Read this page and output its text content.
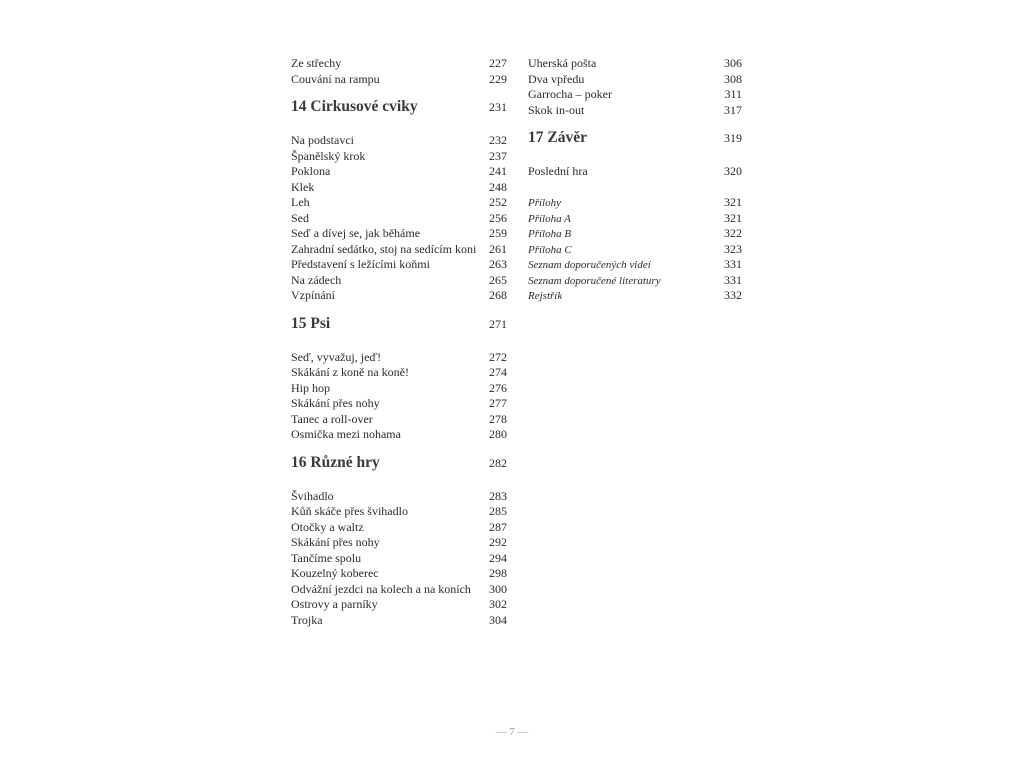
Ze střechy	227
Couvání na rampu	229
14 Cirkusové cviky	231
Na podstavci	232
Španělský krok	237
Poklona	241
Klek	248
Leh	252
Sed	256
Seď a dívej se, jak běháme	259
Zahradní sedátko, stoj na sedícím koni	261
Představení s ležícími koňmi	263
Na zádech	265
Vzpínání	268
15 Psi	271
Seď, vyvažuj, jeď!	272
Skákání z koně na koně!	274
Hip hop	276
Skákání přes nohy	277
Tanec a roll-over	278
Osmička mezi nohama	280
16 Různé hry	282
Švihadlo	283
Kůň skáče přes švihadlo	285
Otočky a waltz	287
Skákání přes nohy	292
Tančíme spolu	294
Kouzelný koberec	298
Odvážní jezdci na kolech a na koních	300
Ostrovy a parníky	302
Trojka	304
Uherská pošta	306
Dva vpředu	308
Garrocha – poker	311
Skok in-out	317
17 Závěr	319
Poslední hra	320
Přílohy	321
Příloha A	321
Příloha B	322
Příloha C	323
Seznam doporučených videí	331
Seznam doporučené literatury	331
Rejstřík	332
— 7 —
